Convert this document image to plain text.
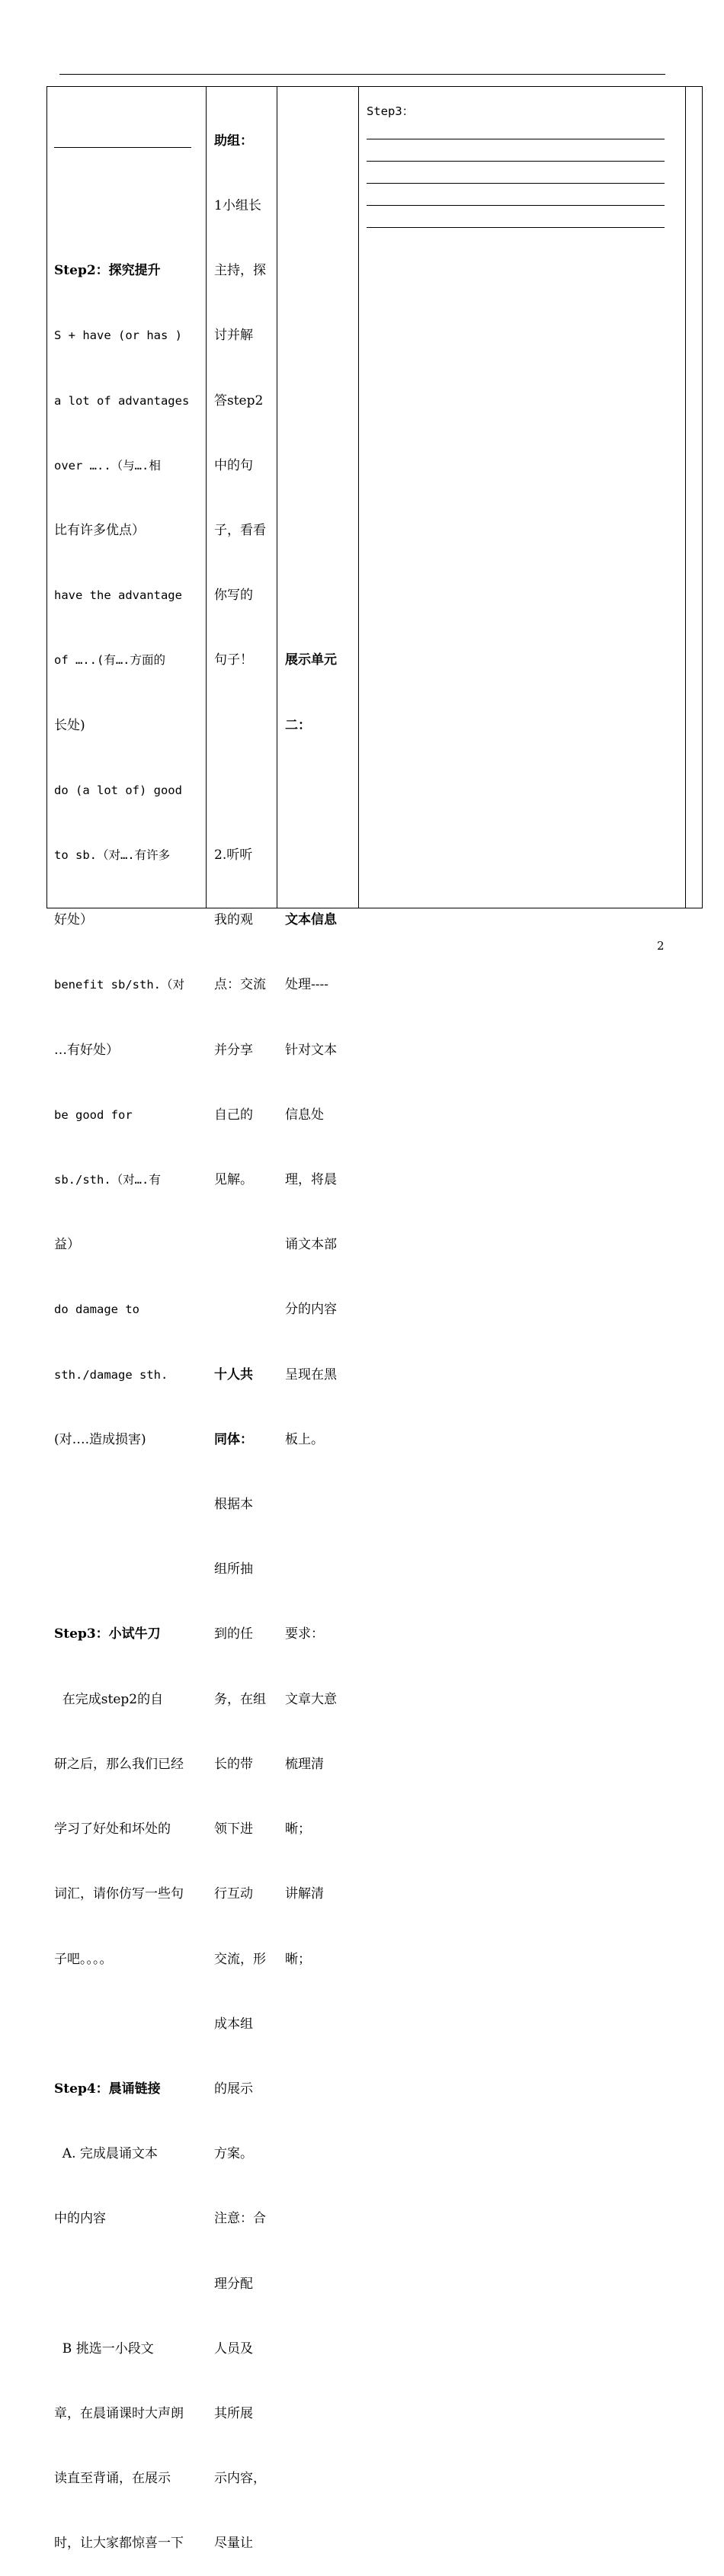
Step2：探究提升

S + have (or has )

a lot of advantages

over …..（与….相

比有许多优点）

have the advantage

of …..(有….方面的

长处)

do (a lot of) good

to sb.（对….有许多

好处）

benefit sb/sth.（对

…有好处）

be good for

sb./sth.（对….有

益）

do damage to

sth./damage sth.

(对….造成损害)

Step3：小试牛刀

在完成step2的自

研之后，那么我们已经

学习了好处和坏处的

词汇，请你仿写一些句

子吧。。。。

Step4：晨诵链接

A. 完成晨诵文本

中的内容

B 挑选一小段文

章，在晨诵课时大声朗

读直至背诵，在展示

时，让大家都惊喜一下

助组：

1小组长

主持，探

讨并解

答step2

中的句

子，看看

你写的

句子！

2.听听

我的观

点：交流

并分享

自己的

见解。

十人共

同体：

根据本

组所抽

到的任

务，在组

长的带

领下进

行互动

交流，形

成本组

的展示

方案。

注意：合

理分配

人员及

其所展

示内容，

尽量让

展示单元

二：

文本信息

处理----

针对文本

信息处

理，将晨

诵文本部

分的内容

呈现在黑

板上。

要求：

文章大意

梳理清

晰；

讲解清

晰；

Step3：
2
